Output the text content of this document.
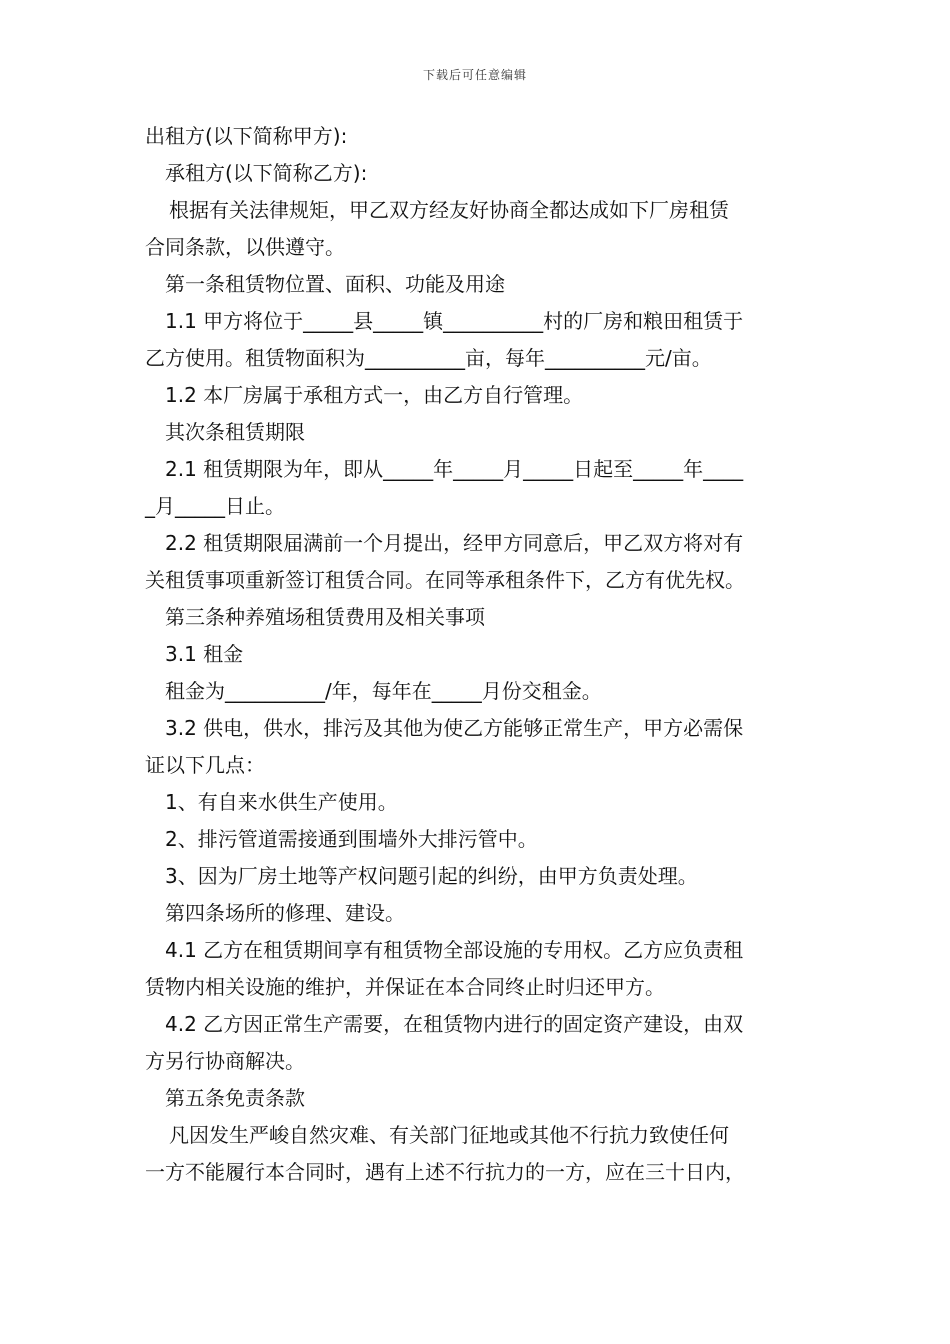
下载后可任意编辑
出租方(以下简称甲方):
承租方(以下简称乙方):
根据有关法律规矩，甲乙双方经友好协商全都达成如下厂房租赁
合同条款，以供遵守。
第一条租赁物位置、面积、功能及用途
1.1 甲方将位于_____县_____镇__________村的厂房和粮田租赁于
乙方使用。租赁物面积为__________亩，每年__________元/亩。
1.2 本厂房属于承租方式一，由乙方自行管理。
其次条租赁期限
2.1 租赁期限为年，即从_____年_____月_____日起至_____年____
_月_____日止。
2.2 租赁期限届满前一个月提出，经甲方同意后，甲乙双方将对有
关租赁事项重新签订租赁合同。在同等承租条件下，乙方有优先权。
第三条种养殖场租赁费用及相关事项
3.1 租金
租金为__________/年，每年在_____月份交租金。
3.2 供电，供水，排污及其他为使乙方能够正常生产，甲方必需保
证以下几点：
1、有自来水供生产使用。
2、排污管道需接通到围墙外大排污管中。
3、因为厂房土地等产权问题引起的纠纷，由甲方负责处理。
第四条场所的修理、建设。
4.1 乙方在租赁期间享有租赁物全部设施的专用权。乙方应负责租
赁物内相关设施的维护，并保证在本合同终止时归还甲方。
4.2 乙方因正常生产需要，在租赁物内进行的固定资产建设，由双
方另行协商解决。
第五条免责条款
凡因发生严峻自然灾难、有关部门征地或其他不行抗力致使任何
一方不能履行本合同时，遇有上述不行抗力的一方，应在三十日内，
